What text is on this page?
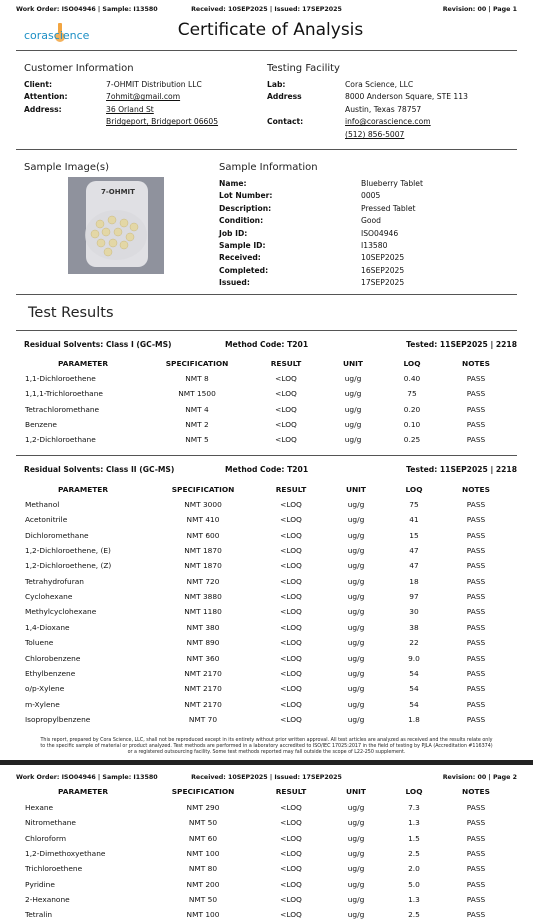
Work Order: ISO04946 | Sample: I13580	Received: 10SEP2025 | Issued: 17SEP2025	Revision: 00 | Page 1
corascience	Certificate of Analysis
Customer Information
Client:	7-OHMIT Distribution LLC
Attention:	7ohmit@gmail.com
Address:	36 Orland St
Bridgeport, Bridgeport 06605
Testing Facility
Lab:	Cora Science, LLC
Address	8000 Anderson Square, STE 113
Austin, Texas 78757
Contact:	info@corascience.com
(512) 856-5007
Sample Image(s)
7-OHMIT
Sample Information
Name:	Blueberry Tablet
Lot Number:	0005
Description:	Pressed Tablet
Condition:	Good
Job ID:	ISO04946
Sample ID:	I13580
Received:	10SEP2025
Completed:	16SEP2025
Issued:	17SEP2025
Test Results
Residual Solvents: Class I (GC-MS)	Method Code: T201	Tested: 11SEP2025 | 2218
PARAMETER	SPECIFICATION	RESULT	UNIT	LOQ	NOTES
1,1-Dichloroethene	NMT 8	<LOQ	ug/g	0.40	PASS
1,1,1-Trichloroethane	NMT 1500	<LOQ	ug/g	75	PASS
Tetrachloromethane	NMT 4	<LOQ	ug/g	0.20	PASS
Benzene	NMT 2	<LOQ	ug/g	0.10	PASS
1,2-Dichloroethane	NMT 5	<LOQ	ug/g	0.25	PASS
Residual Solvents: Class II (GC-MS)	Method Code: T201	Tested: 11SEP2025 | 2218
PARAMETER	SPECIFICATION	RESULT	UNIT	LOQ	NOTES
Methanol	NMT 3000	<LOQ	ug/g	75	PASS
Acetonitrile	NMT 410	<LOQ	ug/g	41	PASS
Dichloromethane	NMT 600	<LOQ	ug/g	15	PASS
1,2-Dichloroethene, (E)	NMT 1870	<LOQ	ug/g	47	PASS
1,2-Dichloroethene, (Z)	NMT 1870	<LOQ	ug/g	47	PASS
Tetrahydrofuran	NMT 720	<LOQ	ug/g	18	PASS
Cyclohexane	NMT 3880	<LOQ	ug/g	97	PASS
Methylcyclohexane	NMT 1180	<LOQ	ug/g	30	PASS
1,4-Dioxane	NMT 380	<LOQ	ug/g	38	PASS
Toluene	NMT 890	<LOQ	ug/g	22	PASS
Chlorobenzene	NMT 360	<LOQ	ug/g	9.0	PASS
Ethylbenzene	NMT 2170	<LOQ	ug/g	54	PASS
o/p-Xylene	NMT 2170	<LOQ	ug/g	54	PASS
m-Xylene	NMT 2170	<LOQ	ug/g	54	PASS
Isopropylbenzene	NMT 70	<LOQ	ug/g	1.8	PASS
This report, prepared by Cora Science, LLC, shall not be reproduced except in its entirety without prior written approval. All test articles are analyzed as received and the results relate only
to the specific sample of material or product analyzed. Test methods are performed in a laboratory accredited to ISO/IEC 17025:2017 in the field of testing by PJLA (Accreditation #116374)
or a registered outsourcing facility. Some test methods reported may fall outside the scope of L22-250 supplement.
Work Order: ISO04946 | Sample: I13580	Received: 10SEP2025 | Issued: 17SEP2025	Revision: 00 | Page 2
PARAMETER	SPECIFICATION	RESULT	UNIT	LOQ	NOTES
Hexane	NMT 290	<LOQ	ug/g	7.3	PASS
Nitromethane	NMT 50	<LOQ	ug/g	1.3	PASS
Chloroform	NMT 60	<LOQ	ug/g	1.5	PASS
1,2-Dimethoxyethane	NMT 100	<LOQ	ug/g	2.5	PASS
Trichloroethene	NMT 80	<LOQ	ug/g	2.0	PASS
Pyridine	NMT 200	<LOQ	ug/g	5.0	PASS
2-Hexanone	NMT 50	<LOQ	ug/g	1.3	PASS
Tetralin	NMT 100	<LOQ	ug/g	2.5	PASS
